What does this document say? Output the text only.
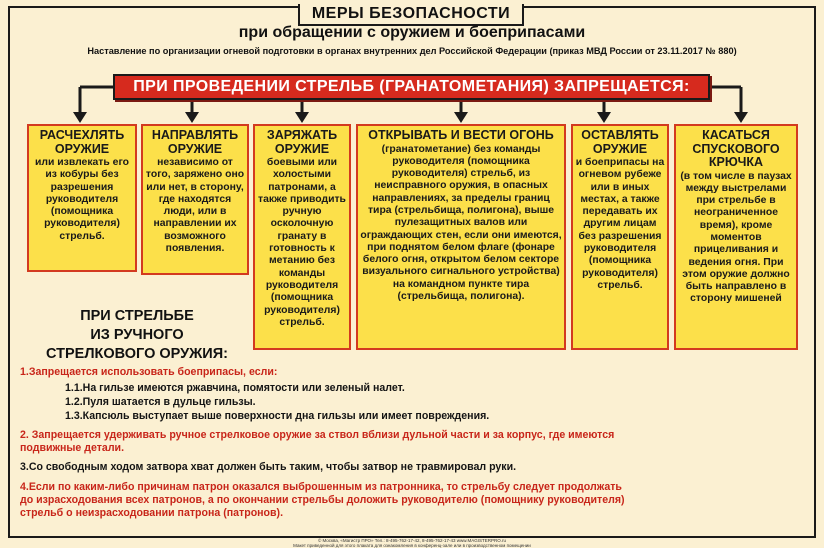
МЕРЫ БЕЗОПАСНОСТИ
при обращении с оружием и боеприпасами
Наставление по организации огневой подготовки в органах внутренних дел Российской Федерации (приказ МВД России от 23.11.2017 № 880)
ПРИ ПРОВЕДЕНИИ СТРЕЛЬБ (ГРАНАТОМЕТАНИЯ) ЗАПРЕЩАЕТСЯ:
РАСЧЕХЛЯТЬ ОРУЖИЕ
или извлекать его из кобуры без разрешения руководителя (помощника руководителя) стрельб.
НАПРАВЛЯТЬ ОРУЖИЕ
независимо от того, заряжено оно или нет, в сторону, где находятся люди, или в направлении их возможного появления.
ЗАРЯЖАТЬ ОРУЖИЕ
боевыми или холостыми патронами, а также приводить ручную осколочную гранату в готовность к метанию без команды руководителя (помощника руководителя) стрельб.
ОТКРЫВАТЬ И ВЕСТИ ОГОНЬ
(гранатометание) без команды руководителя (помощника руководителя) стрельб, из неисправного оружия, в опасных направлениях, за пределы границ тира (стрельбища, полигона), выше пулезащитных валов или ограждающих стен, если они имеются, при поднятом белом флаге (фонаре белого огня, открытом белом секторе визуального сигнального устройства) на командном пункте тира (стрельбища, полигона).
ОСТАВЛЯТЬ ОРУЖИЕ
и боеприпасы на огневом рубеже или в иных местах, а также передавать их другим лицам без разрешения руководителя (помощника руководителя) стрельб.
КАСАТЬСЯ СПУСКОВОГО КРЮЧКА
(в том числе в паузах между выстрелами при стрельбе в неограниченное время), кроме моментов прицеливания и ведения огня. При этом оружие должно быть направлено в сторону мишеней
ПРИ СТРЕЛЬБЕ
ИЗ РУЧНОГО
СТРЕЛКОВОГО ОРУЖИЯ:
1.Запрещается использовать боеприпасы, если:
1.1.На гильзе имеются ржавчина, помятости или зеленый налет.
1.2.Пуля шатается в дульце гильзы.
1.3.Капсюль выступает выше поверхности дна гильзы или имеет повреждения.
2. Запрещается удерживать ручное стрелковое оружие за ствол вблизи дульной части и за корпус, где имеются
подвижные детали.
3.Со свободным ходом затвора хват должен быть таким, чтобы затвор не травмировал руки.
4.Если по каким-либо причинам патрон оказался выброшенным из патронника, то стрельбу следует продолжать
до израсходования всех патронов, а по окончании стрельбы доложить руководителю (помощнику руководителя)
стрельб о неизрасходовании патрона (патронов).
© Москва, «Магистр ПРО» Тел.: 8-495-762-17-42, 8-495-762-17-43 www.MAGISTERPRO.ru
Макет приведенной для этого плаката для ознакомления в конференц-зале или в производственном помещении
